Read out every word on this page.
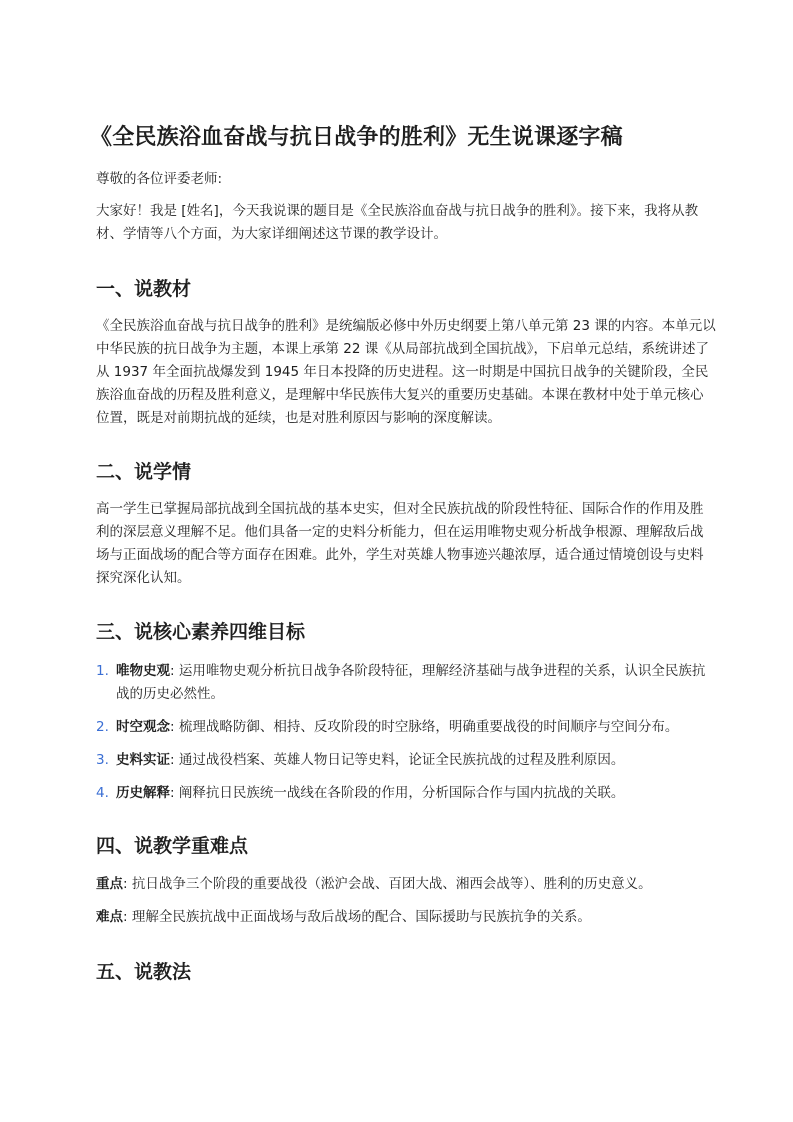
《全民族浴血奋战与抗日战争的胜利》无生说课逐字稿

尊敬的各位评委老师:

大家好！我是 [姓名]，今天我说课的题目是《全民族浴血奋战与抗日战争的胜利》。接下来，我将从教材、学情等八个方面，为大家详细阐述这节课的教学设计。

一、说教材

《全民族浴血奋战与抗日战争的胜利》是统编版必修中外历史纲要上第八单元第 23 课的内容。本单元以中华民族的抗日战争为主题，本课上承第 22 课《从局部抗战到全国抗战》，下启单元总结，系统讲述了从 1937 年全面抗战爆发到 1945 年日本投降的历史进程。这一时期是中国抗日战争的关键阶段，全民族浴血奋战的历程及胜利意义，是理解中华民族伟大复兴的重要历史基础。本课在教材中处于单元核心位置，既是对前期抗战的延续，也是对胜利原因与影响的深度解读。

二、说学情

高一学生已掌握局部抗战到全国抗战的基本史实，但对全民族抗战的阶段性特征、国际合作的作用及胜利的深层意义理解不足。他们具备一定的史料分析能力，但在运用唯物史观分析战争根源、理解敌后战场与正面战场的配合等方面存在困难。此外，学生对英雄人物事迹兴趣浓厚，适合通过情境创设与史料探究深化认知。

三、说核心素养四维目标
1. 唯物史观: 运用唯物史观分析抗日战争各阶段特征，理解经济基础与战争进程的关系，认识全民族抗战的历史必然性。
2. 时空观念: 梳理战略防御、相持、反攻阶段的时空脉络，明确重要战役的时间顺序与空间分布。
3. 史料实证: 通过战役档案、英雄人物日记等史料，论证全民族抗战的过程及胜利原因。
4. 历史解释: 阐释抗日民族统一战线在各阶段的作用，分析国际合作与国内抗战的关联。
四、说教学重难点

重点: 抗日战争三个阶段的重要战役（淞沪会战、百团大战、湘西会战等）、胜利的历史意义。

难点: 理解全民族抗战中正面战场与敌后战场的配合、国际援助与民族抗争的关系。

五、说教法
